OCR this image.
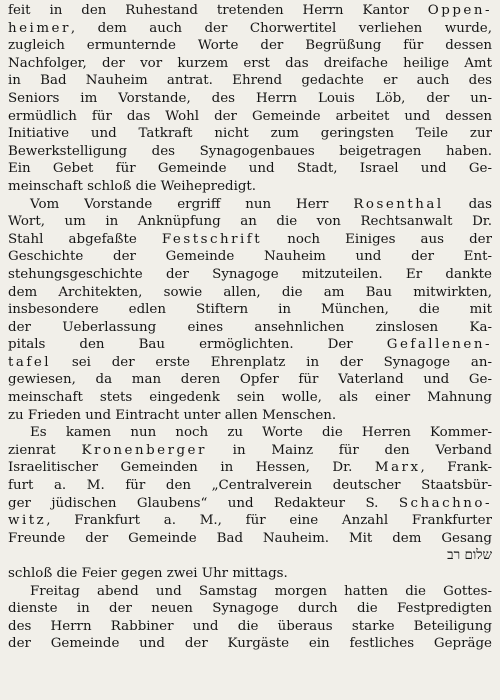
feit in den Ruhestand tretenden Herrn Kantor Oppen-
heimer, dem auch der Chorwertitel verliehen wurde,
zugleich ermunternde Worte der Begrüßung für dessen
Nachfolger, der vor kurzem erst das dreifache heilige Amt
in Bad Nauheim antrat. Ehrend gedachte er auch des
Seniors im Vorstande, des Herrn Louis Löb, der un-
ermüdlich für das Wohl der Gemeinde arbeitet und dessen
Initiative und Tatkraft nicht zum geringsten Teile zur
Bewerkstelligung des Synagogenbaues beigetragen haben.
Ein Gebet für Gemeinde und Stadt, Israel und Ge-
meinschaft schloß die Weihepredigt.
Vom Vorstande ergriff nun Herr Rosenthal das
Wort, um in Anknüpfung an die von Rechtsanwalt Dr.
Stahl abgefaßte Festschrift noch Einiges aus der
Geschichte der Gemeinde Nauheim und der Ent-
stehungsgeschichte der Synagoge mitzuteilen. Er dankte
dem Architekten, sowie allen, die am Bau mitwirkten,
insbesondere edlen Stiftern in München, die mit
der Ueberlassung eines ansehnlichen zinslosen Ka-
pitals den Bau ermöglichten. Der Gefallenen-
tafel sei der erste Ehrenplatz in der Synagoge an-
gewiesen, da man deren Opfer für Vaterland und Ge-
meinschaft stets eingedenk sein wolle, als einer Mahnung
zu Frieden und Eintracht unter allen Menschen.
Es kamen nun noch zu Worte die Herren Kommer-
zienrat Kronenberger in Mainz für den Verband
Israelitischer Gemeinden in Hessen, Dr. Marx, Frank-
furt a. M. für den „Centralverein deutscher Staatsbür-
ger jüdischen Glaubens“ und Redakteur S. Schachno-
witz, Frankfurt a. M., für eine Anzahl Frankfurter
Freunde der Gemeinde Bad Nauheim. Mit dem Gesang
שלום רב
schloß die Feier gegen zwei Uhr mittags.
Freitag abend und Samstag morgen hatten die Gottes-
dienste in der neuen Synagoge durch die Festpredigten
des Herrn Rabbiner und die überaus starke Beteiligung
der Gemeinde und der Kurgäste ein festliches Gepräge
